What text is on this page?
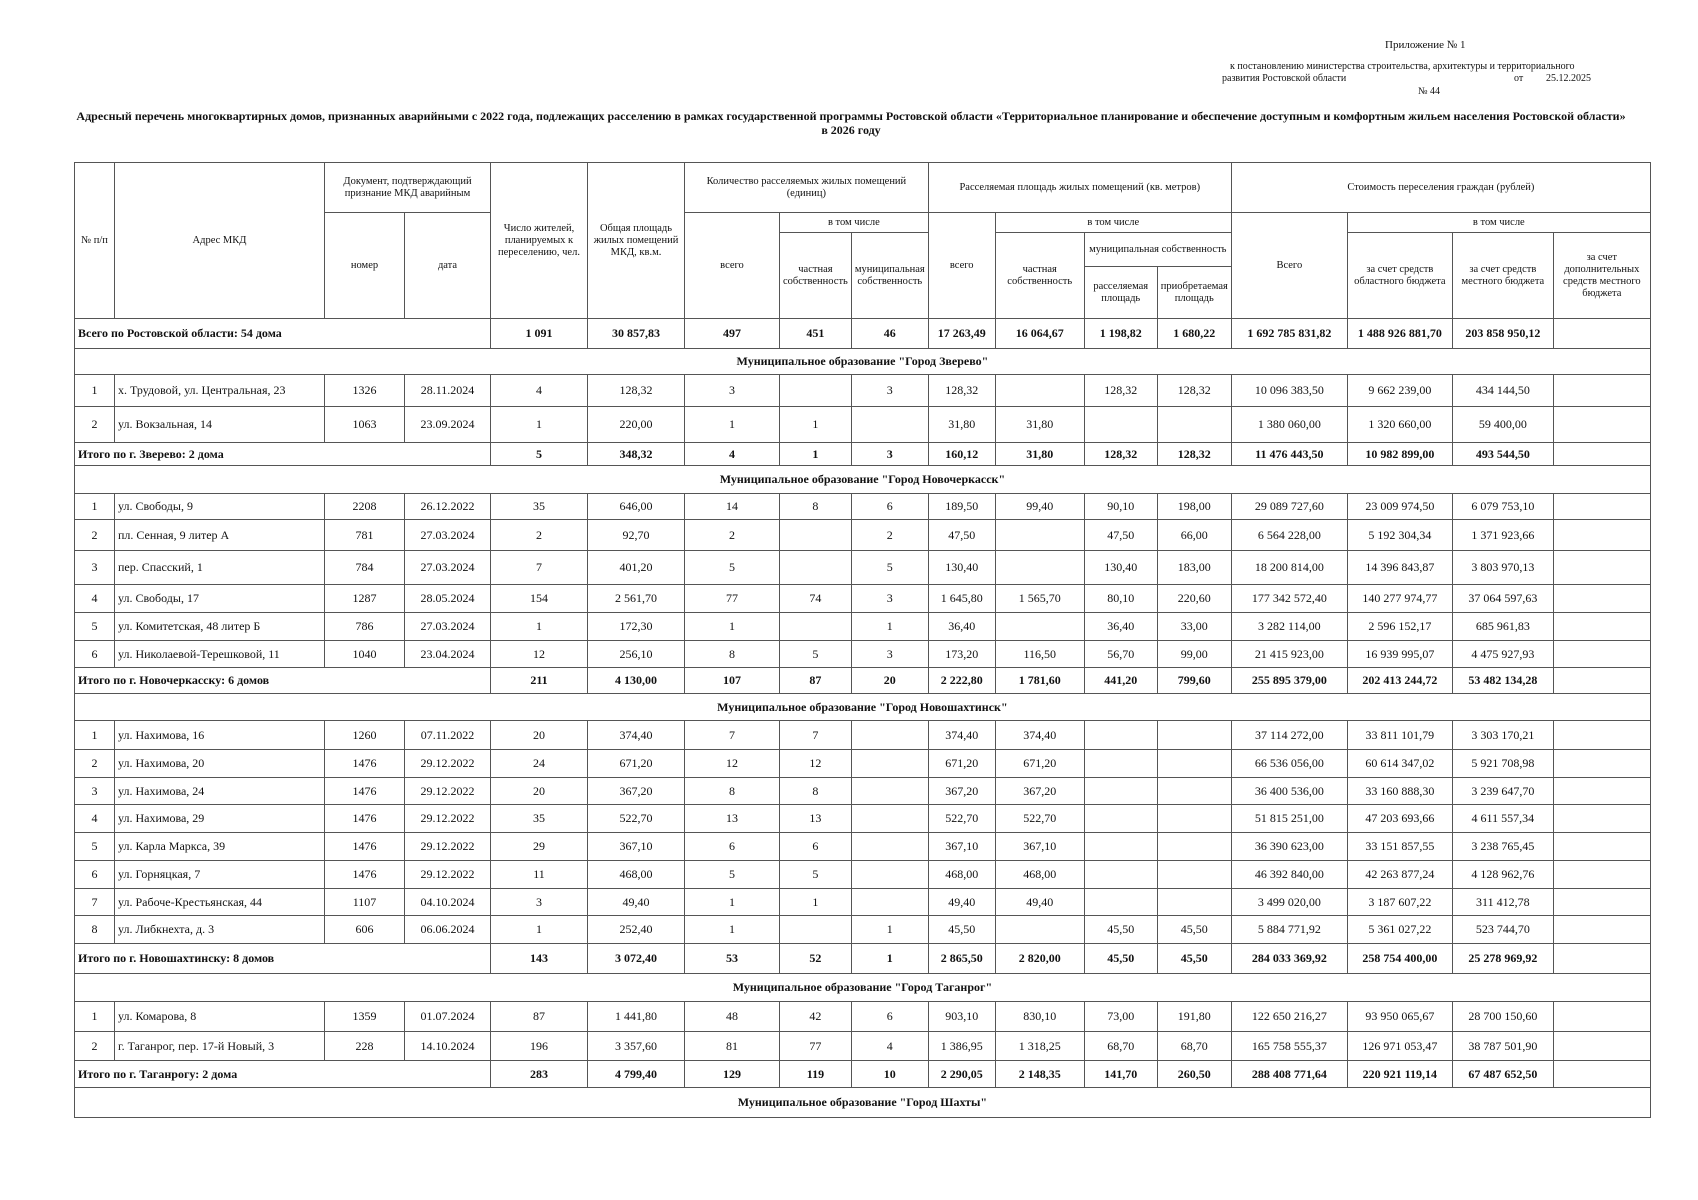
Приложение № 1
к постановлению министерства строительства, архитектуры и территориального
развития Ростовской области	от 25.12.2025
№ 44
Адресный перечень многоквартирных домов, признанных аварийными с 2022 года, подлежащих расселению в рамках государственной программы Ростовской области «Территориальное планирование и обеспечение доступным и комфортным жильем населения Ростовской области» в 2026 году
№ п/п	Адрес МКД	Документ, подтверждающий признание МКД аварийным		Число жителей, планируемых к переселению, чел.	Общая площадь жилых помещений МКД, кв.м.	Количество расселяемых жилых помещений (единиц)			Расселяемая площадь жилых помещений (кв. метров)				Стоимость переселения граждан (рублей)			
		номер	дата			всего	в том числе		всего	в том числе			Всего	в том числе		
							частная собственность	муниципальная собственность		частная собственность	муниципальная собственность			за счет средств областного бюджета	за счет средств местного бюджета	за счет дополнительных средств местного бюджета
											расселяемая площадь	приобретаемая площадь				
Всего по Ростовской области: 54 дома				1 091	30 857,83	497	451	46	17 263,49	16 064,67	1 198,82	1 680,22	1 692 785 831,82	1 488 926 881,70	203 858 950,12	
Муниципальное образование "Город Зверево"																
1	х. Трудовой, ул. Центральная, 23	1326	28.11.2024	4	128,32	3		3	128,32		128,32	128,32	10 096 383,50	9 662 239,00	434 144,50	
2	ул. Вокзальная, 14	1063	23.09.2024	1	220,00	1	1		31,80	31,80			1 380 060,00	1 320 660,00	59 400,00	
Итого по г. Зверево: 2 дома				5	348,32	4	1	3	160,12	31,80	128,32	128,32	11 476 443,50	10 982 899,00	493 544,50	
Муниципальное образование "Город Новочеркасск"																
1	ул. Свободы, 9	2208	26.12.2022	35	646,00	14	8	6	189,50	99,40	90,10	198,00	29 089 727,60	23 009 974,50	6 079 753,10	
2	пл. Сенная, 9 литер А	781	27.03.2024	2	92,70	2		2	47,50		47,50	66,00	6 564 228,00	5 192 304,34	1 371 923,66	
3	пер. Спасский, 1	784	27.03.2024	7	401,20	5		5	130,40		130,40	183,00	18 200 814,00	14 396 843,87	3 803 970,13	
4	ул. Свободы, 17	1287	28.05.2024	154	2 561,70	77	74	3	1 645,80	1 565,70	80,10	220,60	177 342 572,40	140 277 974,77	37 064 597,63	
5	ул. Комитетская, 48 литер Б	786	27.03.2024	1	172,30	1		1	36,40		36,40	33,00	3 282 114,00	2 596 152,17	685 961,83	
6	ул. Николаевой-Терешковой, 11	1040	23.04.2024	12	256,10	8	5	3	173,20	116,50	56,70	99,00	21 415 923,00	16 939 995,07	4 475 927,93	
Итого по г. Новочеркасску: 6 домов				211	4 130,00	107	87	20	2 222,80	1 781,60	441,20	799,60	255 895 379,00	202 413 244,72	53 482 134,28	
Муниципальное образование "Город Новошахтинск"																
1	ул. Нахимова, 16	1260	07.11.2022	20	374,40	7	7		374,40	374,40			37 114 272,00	33 811 101,79	3 303 170,21	
2	ул. Нахимова, 20	1476	29.12.2022	24	671,20	12	12		671,20	671,20			66 536 056,00	60 614 347,02	5 921 708,98	
3	ул. Нахимова, 24	1476	29.12.2022	20	367,20	8	8		367,20	367,20			36 400 536,00	33 160 888,30	3 239 647,70	
4	ул. Нахимова, 29	1476	29.12.2022	35	522,70	13	13		522,70	522,70			51 815 251,00	47 203 693,66	4 611 557,34	
5	ул. Карла Маркса, 39	1476	29.12.2022	29	367,10	6	6		367,10	367,10			36 390 623,00	33 151 857,55	3 238 765,45	
6	ул. Горняцкая, 7	1476	29.12.2022	11	468,00	5	5		468,00	468,00			46 392 840,00	42 263 877,24	4 128 962,76	
7	ул. Рабоче-Крестьянская, 44	1107	04.10.2024	3	49,40	1	1		49,40	49,40			3 499 020,00	3 187 607,22	311 412,78	
8	ул. Либкнехта, д. 3	606	06.06.2024	1	252,40	1		1	45,50		45,50	45,50	5 884 771,92	5 361 027,22	523 744,70	
Итого по г. Новошахтинску: 8 домов				143	3 072,40	53	52	1	2 865,50	2 820,00	45,50	45,50	284 033 369,92	258 754 400,00	25 278 969,92	
Муниципальное образование "Город Таганрог"																
1	ул. Комарова, 8	1359	01.07.2024	87	1 441,80	48	42	6	903,10	830,10	73,00	191,80	122 650 216,27	93 950 065,67	28 700 150,60	
2	г. Таганрог, пер. 17-й Новый, 3	228	14.10.2024	196	3 357,60	81	77	4	1 386,95	1 318,25	68,70	68,70	165 758 555,37	126 971 053,47	38 787 501,90	
Итого по г. Таганрогу: 2 дома				283	4 799,40	129	119	10	2 290,05	2 148,35	141,70	260,50	288 408 771,64	220 921 119,14	67 487 652,50	
Муниципальное образование "Город Шахты"																
